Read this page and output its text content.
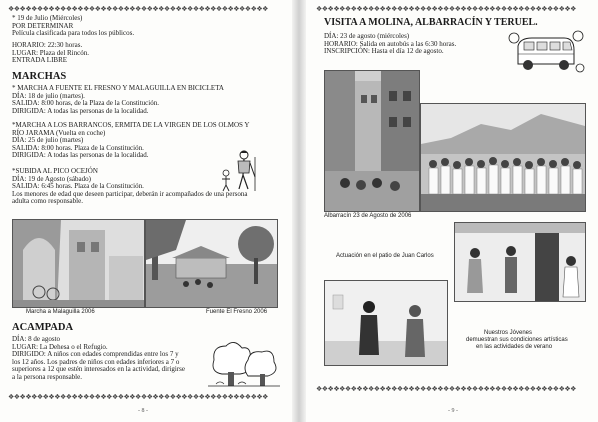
❖❖❖❖❖❖❖❖❖❖❖❖❖❖❖❖❖❖❖❖❖❖❖❖❖❖❖❖❖❖❖❖❖❖❖❖❖❖❖❖❖❖❖❖❖
* 19 de Julio (Miércoles)
POR DETERMINAR
Película clasificada para todos los públicos.
HORARIO: 22:30 horas.
LUGAR: Plaza del Rincón.
ENTRADA LIBRE
MARCHAS
* MARCHA A FUENTE EL FRESNO Y MALAGUILLA EN BICICLETA
DÍA: 18 de julio (martes).
SALIDA: 8:00 horas, de la Plaza de la Constitución.
DIRIGIDA: A todas las personas de la localidad.
*MARCHA A LOS BARRANCOS, ERMITA DE LA VIRGEN DE LOS OLMOS Y
RÍO JARAMA (Vuelta en coche)
DÍA: 25 de julio (martes)
SALIDA: 8:00 horas. Plaza de la Constitución.
DIRIGIDA: A todas las personas de la localidad.
*SUBIDA AL PICO OCEJÓN
DÍA: 19 de Agosto (sábado)
SALIDA: 6:45 horas. Plaza de la Constitución.
Los menores de edad que deseen participar, deberán ir acompañados de una persona
adulta como responsable.
Marcha a Malaguilla 2006	Fuente El Fresno 2006
ACAMPADA
DÍA: 8 de agosto
LUGAR: La Dehesa o el Refugio.
DIRIGIDO: A niños con edades comprendidas entre los 7 y
los 12 años. Los padres de niños con edades inferiores a 7 o
superiores a 12 que estén interesados en la actividad, dirigirse
a la persona responsable.
❖❖❖❖❖❖❖❖❖❖❖❖❖❖❖❖❖❖❖❖❖❖❖❖❖❖❖❖❖❖❖❖❖❖❖❖❖❖❖❖❖❖❖❖❖
- 8 -
❖❖❖❖❖❖❖❖❖❖❖❖❖❖❖❖❖❖❖❖❖❖❖❖❖❖❖❖❖❖❖❖❖❖❖❖❖❖❖❖❖❖❖❖❖
VISITA A MOLINA, ALBARRACÍN Y TERUEL.
DÍA: 23 de agosto (miércoles)
HORARIO: Salida en autobús a las 6:30 horas.
INSCRIPCIÓN: Hasta el día 12 de agosto.
Albarracín 23 de Agosto de 2006
Actuación en el patio de Juan Carlos
Nuestros Jóvenes
demuestran sus condiciones artísticas
en las actividades de verano
❖❖❖❖❖❖❖❖❖❖❖❖❖❖❖❖❖❖❖❖❖❖❖❖❖❖❖❖❖❖❖❖❖❖❖❖❖❖❖❖❖❖❖❖❖
- 9 -
